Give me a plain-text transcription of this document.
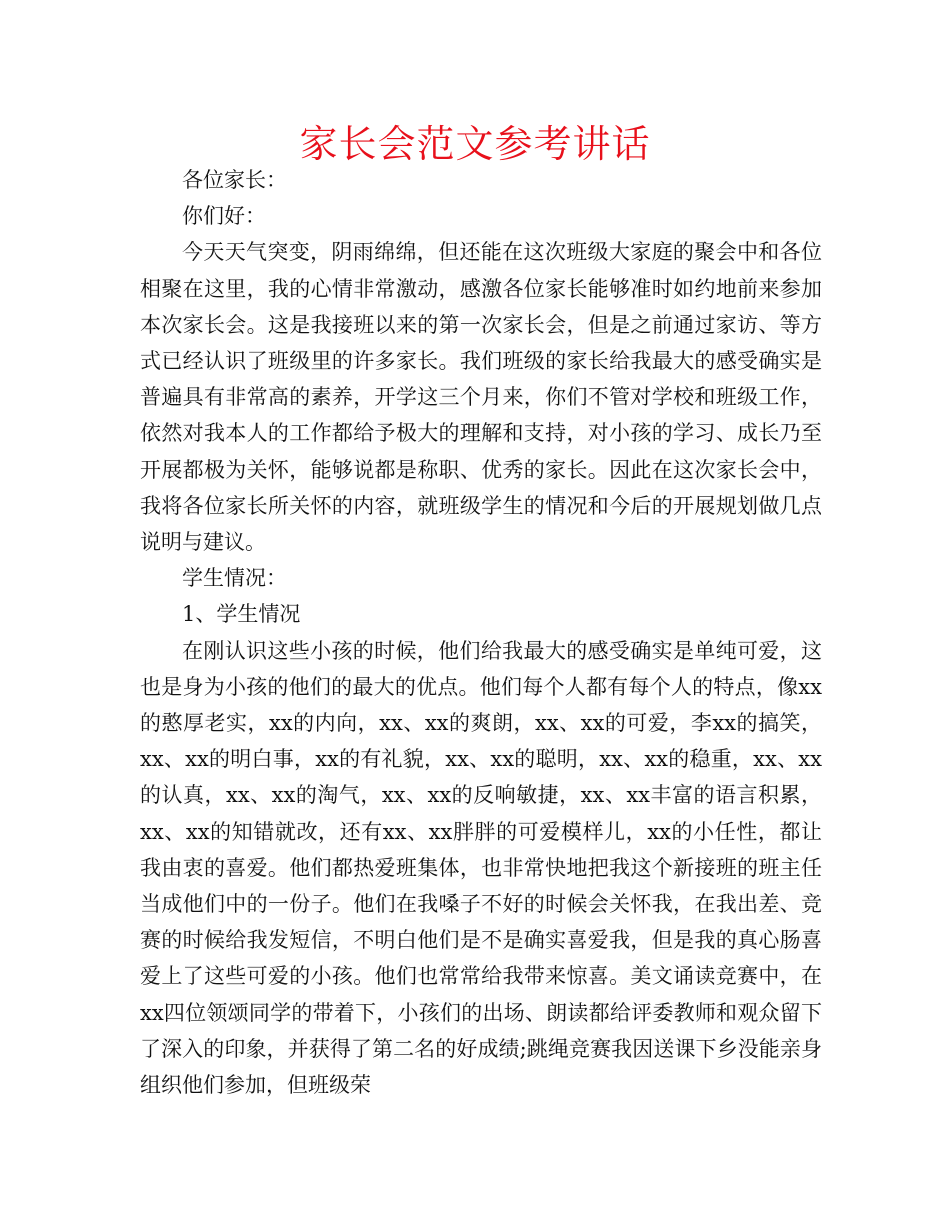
家长会范文参考讲话

各位家长：

你们好：

今天天气突变，阴雨绵绵，但还能在这次班级大家庭的聚会中和各位相聚在这里，我的心情非常激动，感激各位家长能够准时如约地前来参加本次家长会。这是我接班以来的第一次家长会，但是之前通过家访、等方式已经认识了班级里的许多家长。我们班级的家长给我最大的感受确实是普遍具有非常高的素养，开学这三个月来，你们不管对学校和班级工作，依然对我本人的工作都给予极大的理解和支持，对小孩的学习、成长乃至开展都极为关怀，能够说都是称职、优秀的家长。因此在这次家长会中，我将各位家长所关怀的内容，就班级学生的情况和今后的开展规划做几点说明与建议。

学生情况：

1、学生情况

在刚认识这些小孩的时候，他们给我最大的感受确实是单纯可爱，这也是身为小孩的他们的最大的优点。他们每个人都有每个人的特点，像xx的憨厚老实，xx的内向，xx、xx的爽朗，xx、xx的可爱，李xx的搞笑，xx、xx的明白事，xx的有礼貌，xx、xx的聪明，xx、xx的稳重，xx、xx的认真，xx、xx的淘气，xx、xx的反响敏捷，xx、xx丰富的语言积累，xx、xx的知错就改，还有xx、xx胖胖的可爱模样儿，xx的小任性，都让我由衷的喜爱。他们都热爱班集体，也非常快地把我这个新接班的班主任当成他们中的一份子。他们在我嗓子不好的时候会关怀我，在我出差、竞赛的时候给我发短信，不明白他们是不是确实喜爱我，但是我的真心肠喜爱上了这些可爱的小孩。他们也常常给我带来惊喜。美文诵读竞赛中，在xx四位领颂同学的带着下，小孩们的出场、朗读都给评委教师和观众留下了深入的印象，并获得了第二名的好成绩;跳绳竞赛我因送课下乡没能亲身组织他们参加，但班级荣
